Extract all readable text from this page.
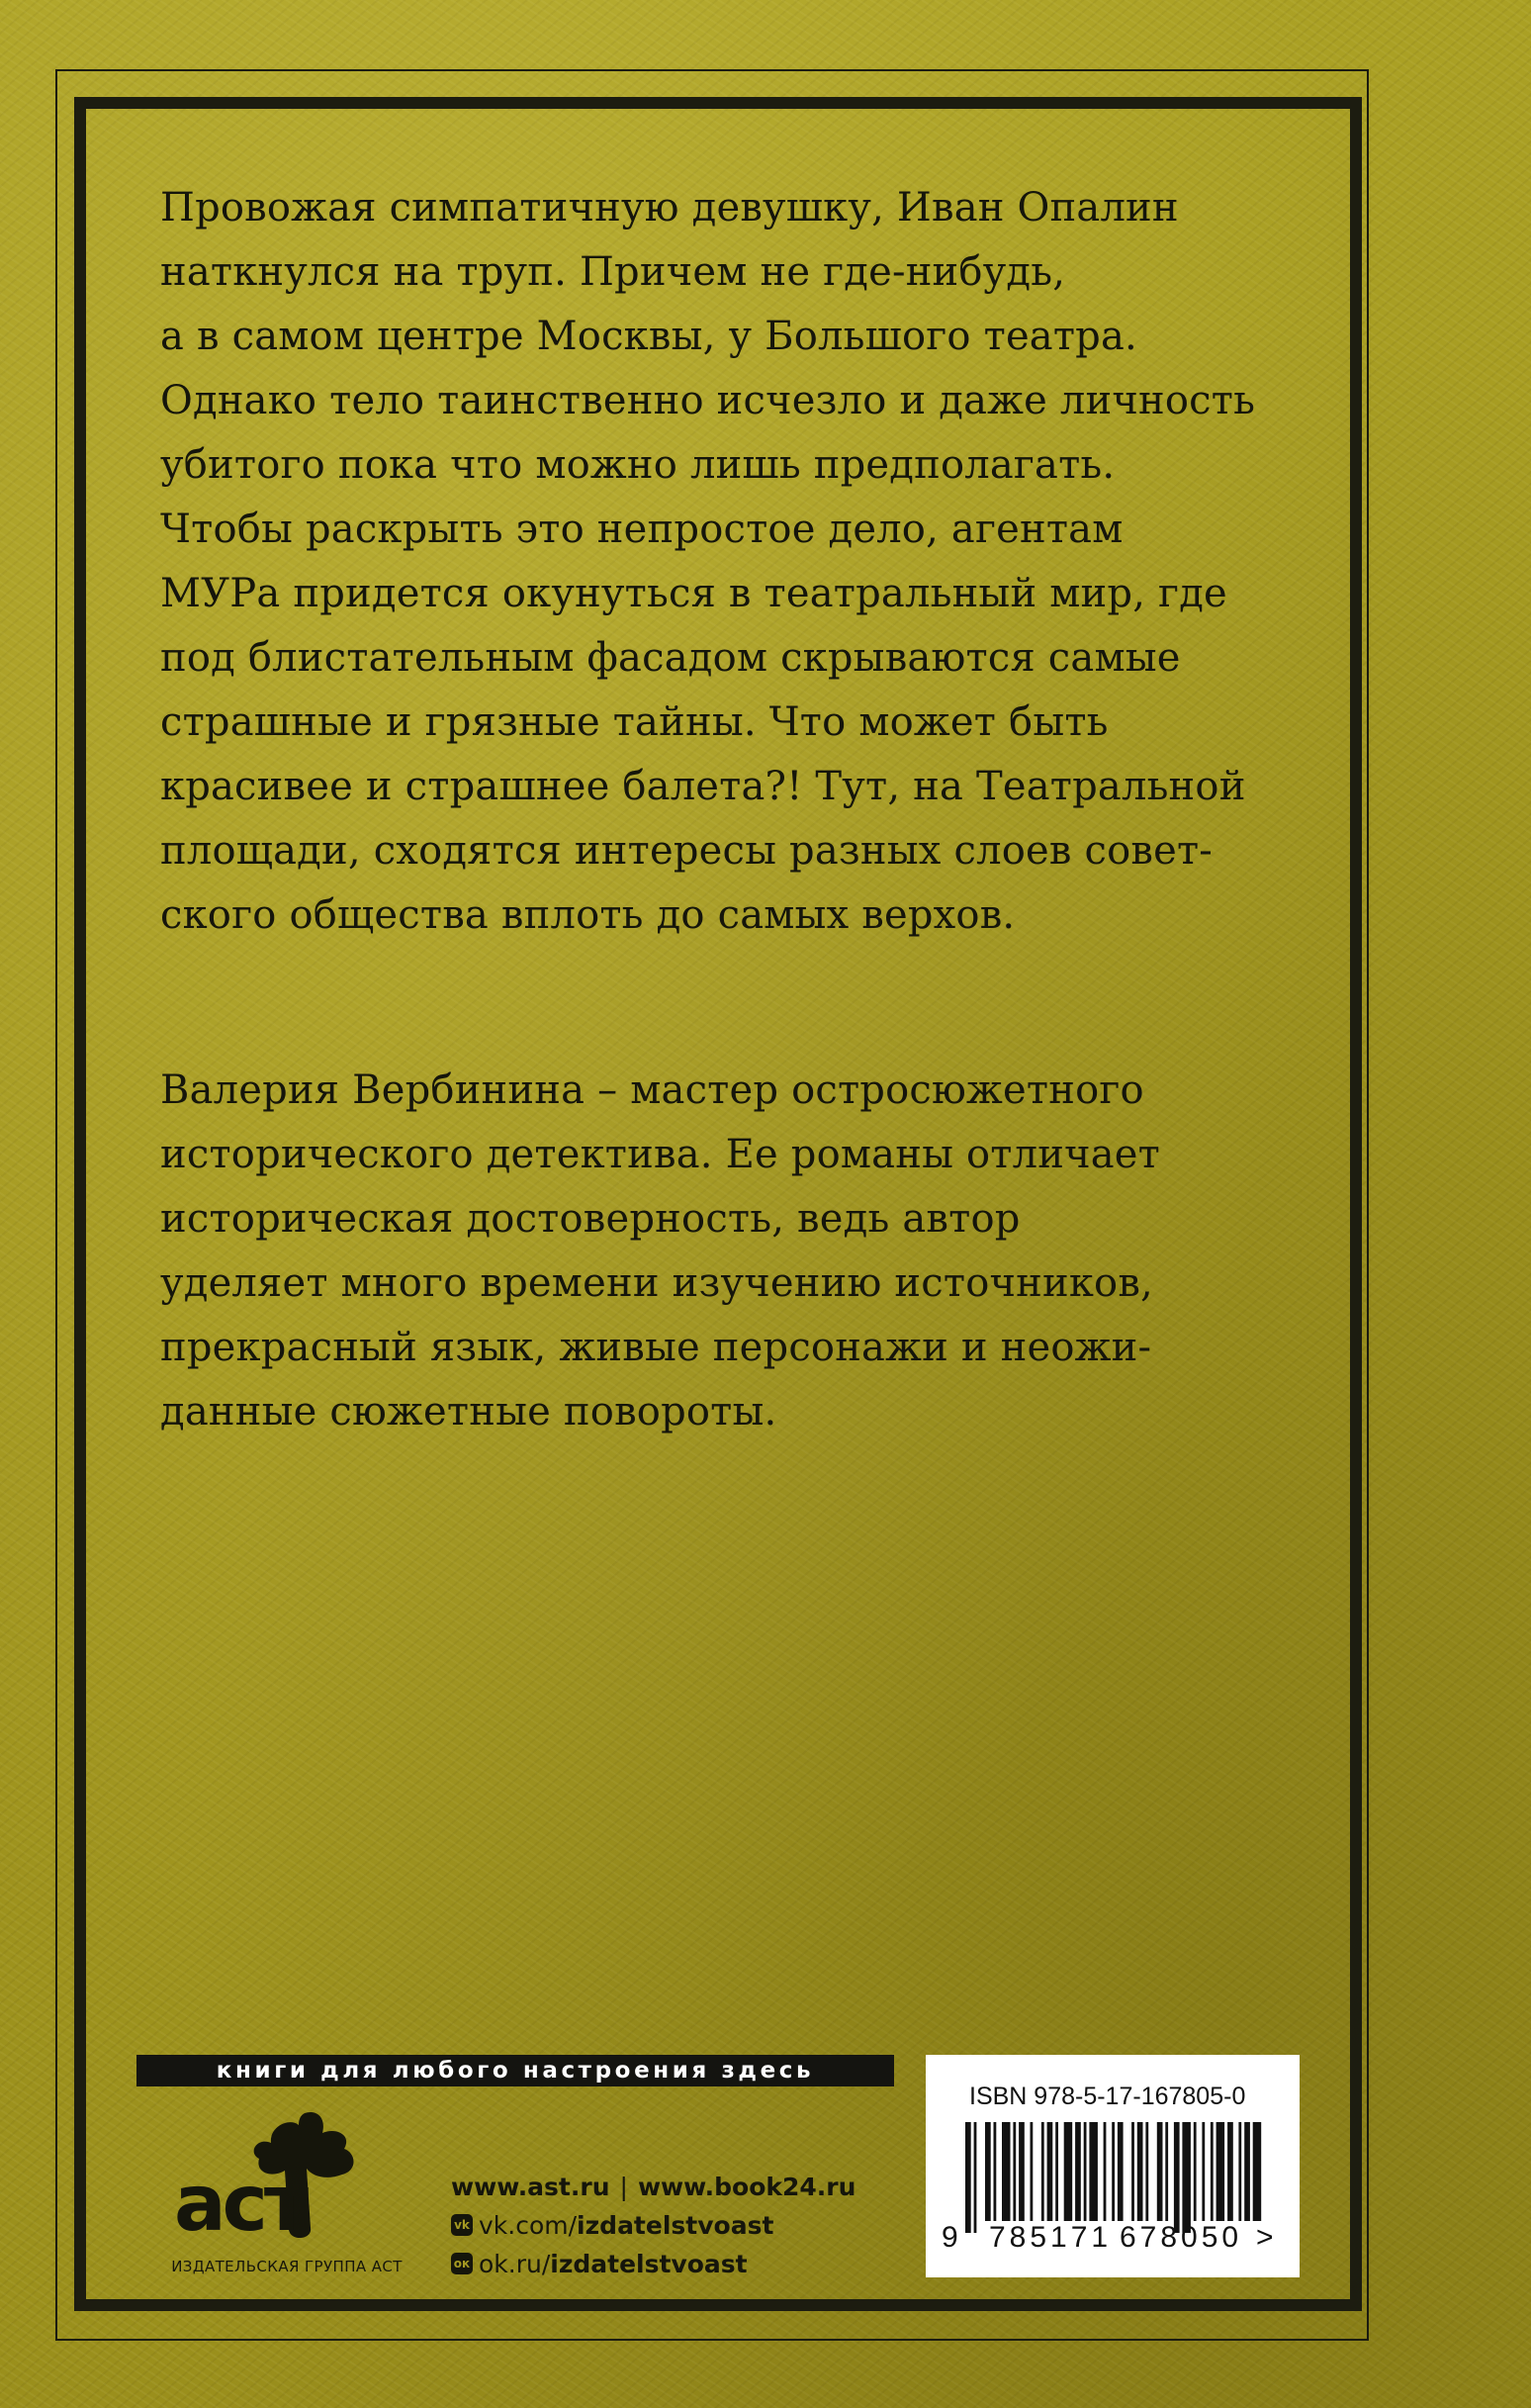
Провожая симпатичную девушку, Иван Опалин
наткнулся на труп. Причем не где-нибудь,
а в самом центре Москвы, у Большого театра.
Однако тело таинственно исчезло и даже личность
убитого пока что можно лишь предполагать.
Чтобы раскрыть это непростое дело, агентам
МУРа придется окунуться в театральный мир, где
под блистательным фасадом скрываются самые
страшные и грязные тайны. Что может быть
красивее и страшнее балета?! Тут, на Театральной
площади, сходятся интересы разных слоев совет-
ского общества вплоть до самых верхов.
Валерия Вербинина – мастер остросюжетного
исторического детектива. Ее романы отличает
историческая достоверность, ведь автор
уделяет много времени изучению источников,
прекрасный язык, живые персонажи и неожи-
данные сюжетные повороты.
книги для любого настроения здесь
аст
ИЗДАТЕЛЬСКАЯ ГРУППА АСТ
www.ast.ru | www.book24.ru
vk vk.com/ izdatelstvoast
ок ok.ru/ izdatelstvoast
ISBN 978-5-17-167805-0
9 785171 678050 >
